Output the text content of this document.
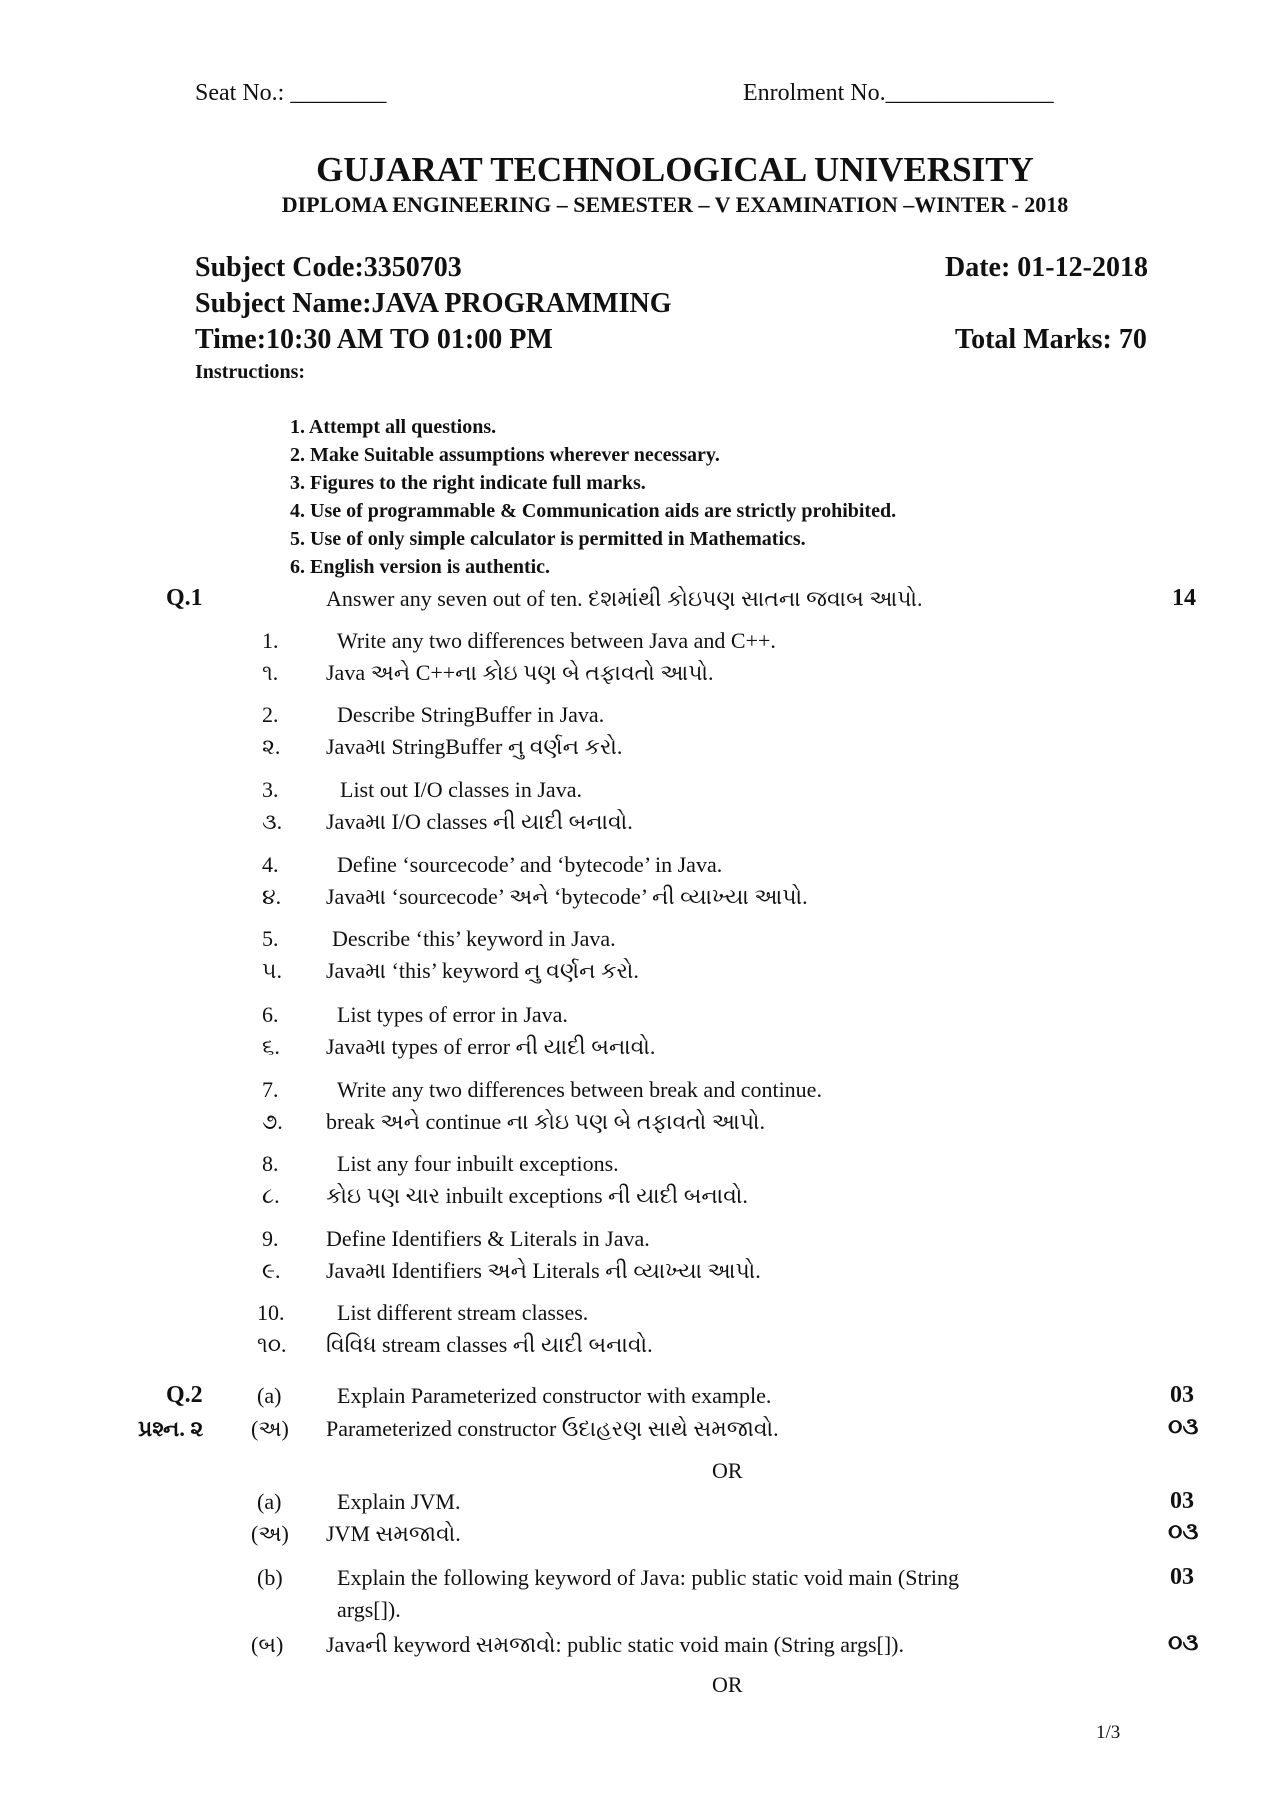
Seat No.: ________	Enrolment No.______________
GUJARAT TECHNOLOGICAL UNIVERSITY
DIPLOMA ENGINEERING – SEMESTER – V EXAMINATION –WINTER - 2018
Subject Code:3350703	Date: 01-12-2018
Subject Name:JAVA PROGRAMMING
Time:10:30 AM TO 01:00 PM	Total Marks: 70
Instructions:
1. Attempt all questions.
2. Make Suitable assumptions wherever necessary.
3. Figures to the right indicate full marks.
4. Use of programmable & Communication aids are strictly prohibited.
5. Use of only simple calculator is permitted in Mathematics.
6. English version is authentic.
Q.1	Answer any seven out of ten. દશમાંથી કોઇપણ સાતના જવાબ આપો.	14
1.	Write any two differences between Java and C++.
૧. Java અને C++ના કોઇ પણ બે તફાવતો આપો.
2.	Describe StringBuffer in Java.
૨. Javaમા StringBuffer નુ વર્ણન કરો.
3.	List out I/O classes in Java.
૩. Javaમા I/O classes ની યાદી બનાવો.
4.	Define ‘sourcecode’ and ‘bytecode’ in Java.
૪. Javaમા ‘sourcecode’ અને ‘bytecode’ ની વ્યાખ્યા આપો.
5. Describe ‘this’ keyword in Java.
૫. Javaમા ‘this’ keyword નુ વર્ણન કરો.
6.	List types of error in Java.
૬. Javaમા types of error ની યાદી બનાવો.
7.	Write any two differences between break and continue.
૭. break અને continue ના કોઇ પણ બે તફાવતો આપો.
8.	List any four inbuilt exceptions.
૮. કોઇ પણ ચાર inbuilt exceptions ની યાદી બનાવો.
9. Define Identifiers & Literals in Java.
૯. Javaમા Identifiers અને Literals ની વ્યાખ્યા આપો.
10. List different stream classes.
૧૦. વિવિધ stream classes ની યાદી બનાવો.
Q.2 (a)	Explain Parameterized constructor with example.	03
પ્રશ્ન. ૨ (અ) Parameterized constructor ઉદાહરણ સાથે સમજાવો.	૦૩
OR
(a)	Explain JVM.	03
(અ) JVM સમજાવો.	૦૩
(b) Explain the following keyword of Java: public static void main (String
args[]).
03
(બ) Javaની keyword સમજાવો: public static void main (String args[]).	૦૩
OR
1/3
